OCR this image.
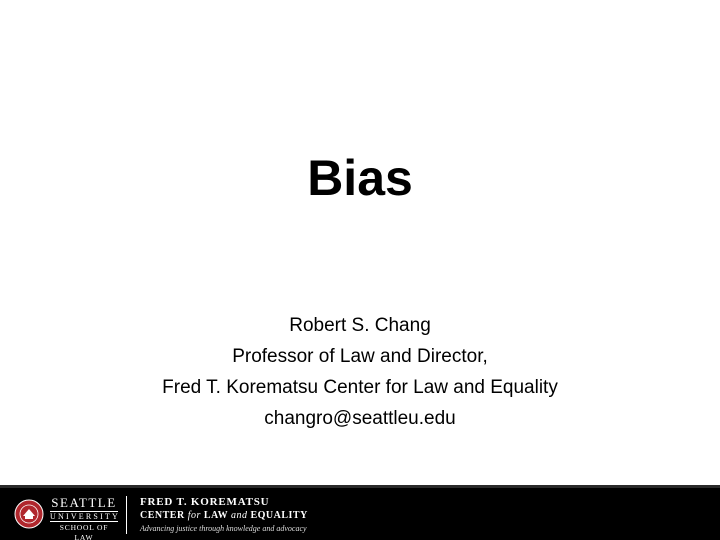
Bias
Robert S. Chang
Professor of Law and Director,
Fred T. Korematsu Center for Law and Equality
changro@seattleu.edu
SEATTLE
UNIVERSITY
SCHOOL OF LAW
FRED T. KOREMATSU
CENTER for LAW and EQUALITY
Advancing justice through knowledge and advocacy
